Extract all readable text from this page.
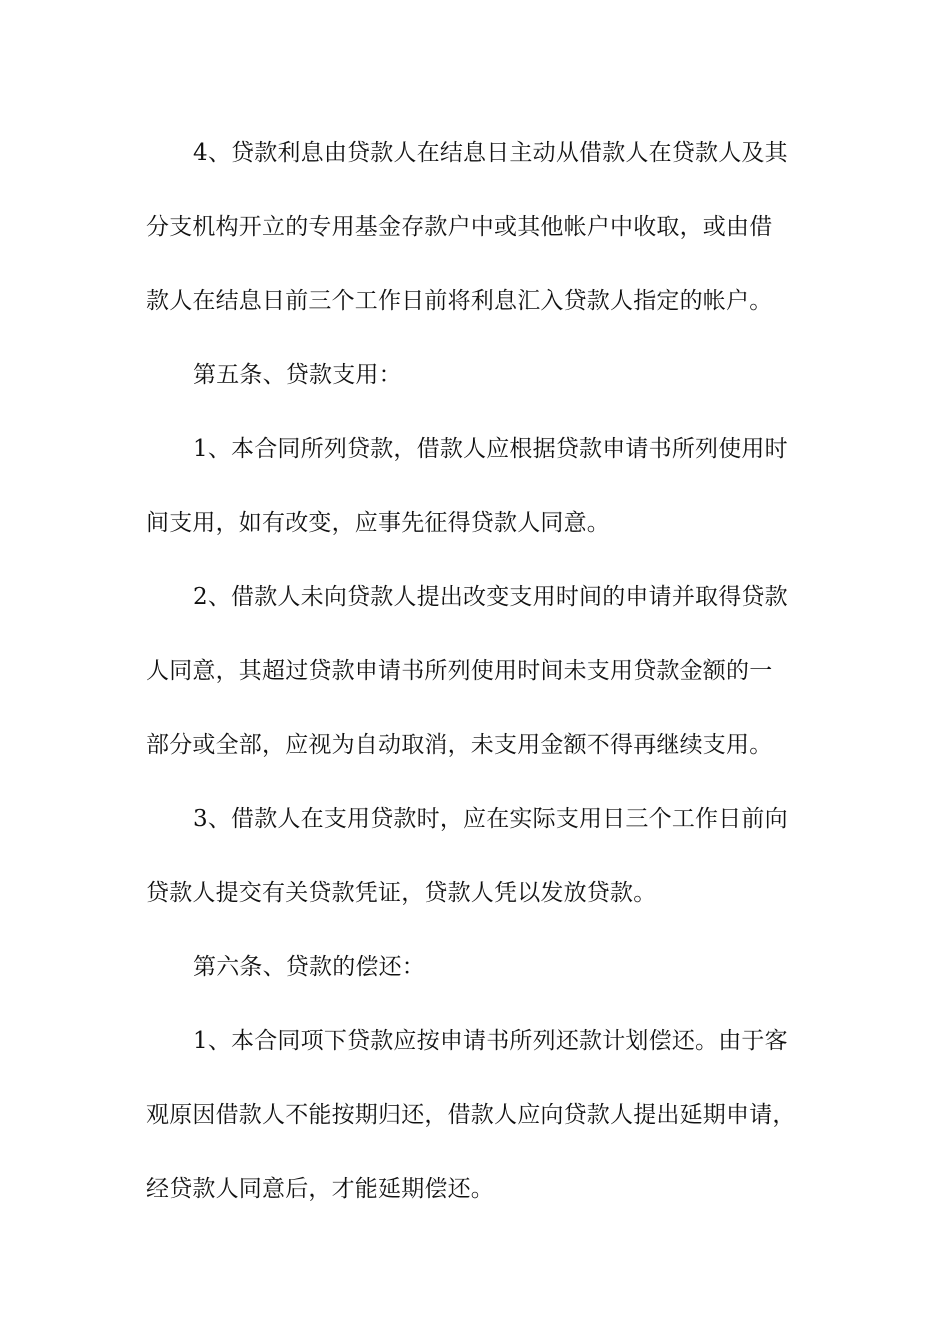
4、贷款利息由贷款人在结息日主动从借款人在贷款人及其
分支机构开立的专用基金存款户中或其他帐户中收取，或由借
款人在结息日前三个工作日前将利息汇入贷款人指定的帐户。
第五条、贷款支用：
1、本合同所列贷款，借款人应根据贷款申请书所列使用时
间支用，如有改变，应事先征得贷款人同意。
2、借款人未向贷款人提出改变支用时间的申请并取得贷款
人同意，其超过贷款申请书所列使用时间未支用贷款金额的一
部分或全部，应视为自动取消，未支用金额不得再继续支用。
3、借款人在支用贷款时，应在实际支用日三个工作日前向
贷款人提交有关贷款凭证，贷款人凭以发放贷款。
第六条、贷款的偿还：
1、本合同项下贷款应按申请书所列还款计划偿还。由于客
观原因借款人不能按期归还，借款人应向贷款人提出延期申请，
经贷款人同意后，才能延期偿还。
